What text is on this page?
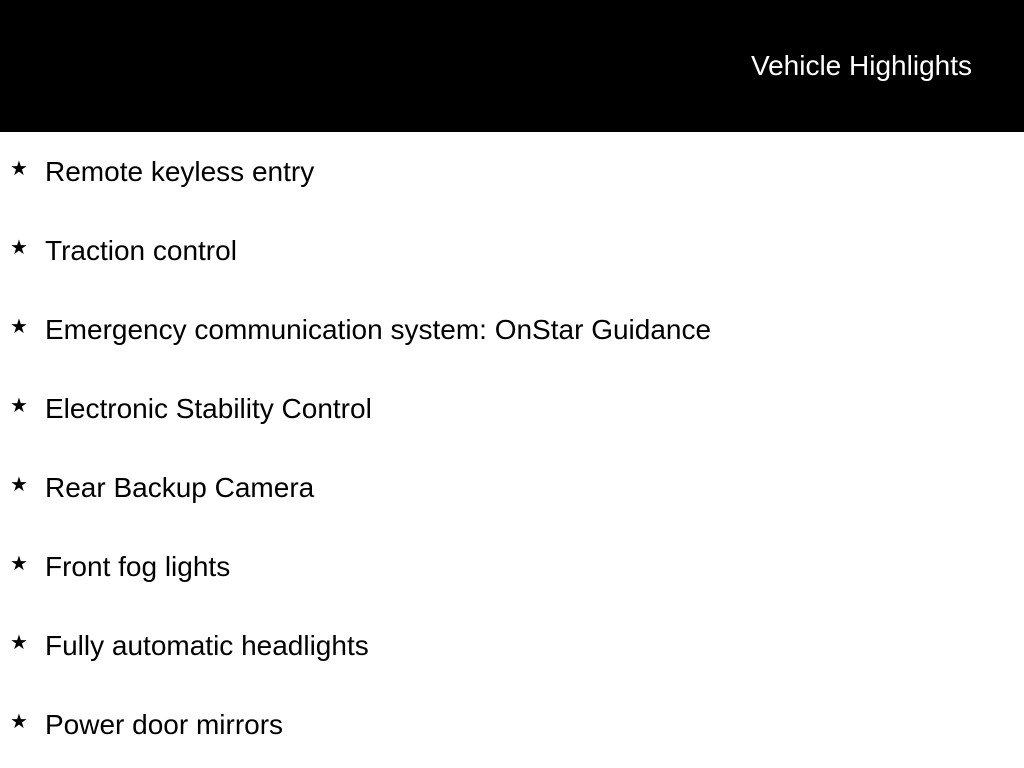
Vehicle Highlights
★ Remote keyless entry
★ Traction control
★ Emergency communication system: OnStar Guidance
★ Electronic Stability Control
★ Rear Backup Camera
★ Front fog lights
★ Fully automatic headlights
★ Power door mirrors
